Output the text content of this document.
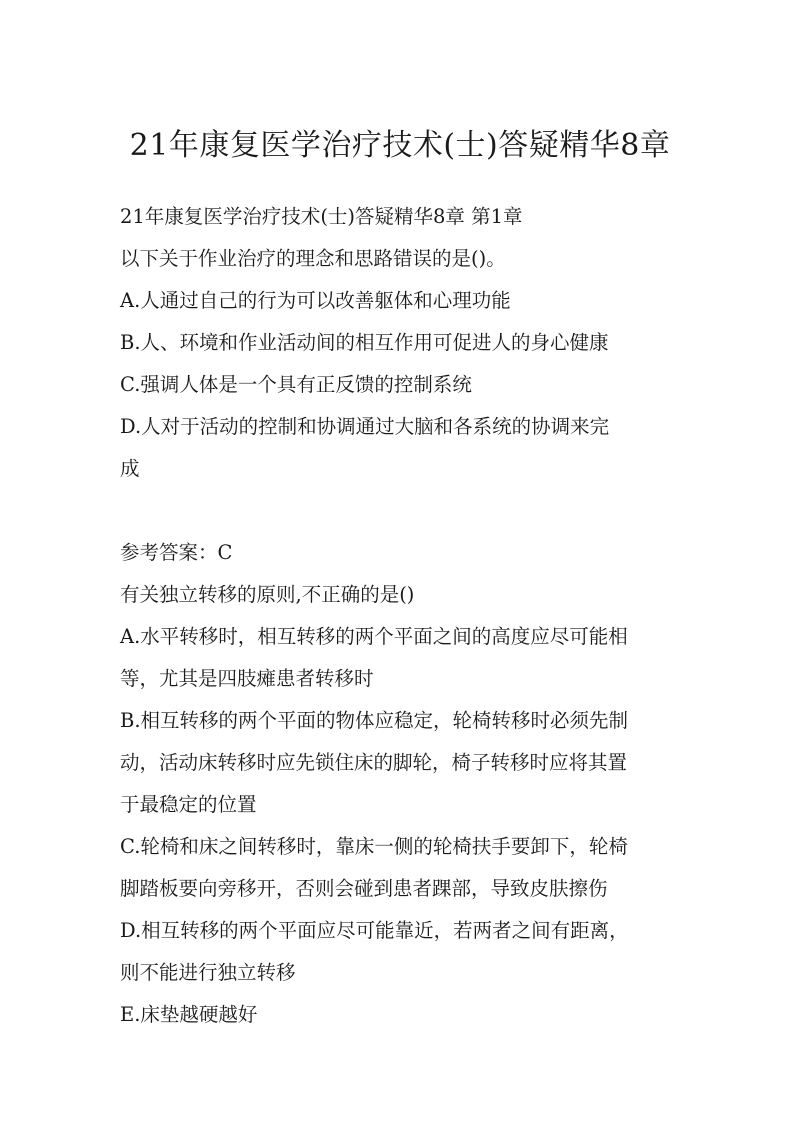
21年康复医学治疗技术(士)答疑精华8章
21年康复医学治疗技术(士)答疑精华8章 第1章
以下关于作业治疗的理念和思路错误的是()。
A.人通过自己的行为可以改善躯体和心理功能
B.人、环境和作业活动间的相互作用可促进人的身心健康
C.强调人体是一个具有正反馈的控制系统
D.人对于活动的控制和协调通过大脑和各系统的协调来完
成
参考答案：C
有关独立转移的原则,不正确的是()
A.水平转移时，相互转移的两个平面之间的高度应尽可能相
等，尤其是四肢瘫患者转移时
B.相互转移的两个平面的物体应稳定，轮椅转移时必须先制
动，活动床转移时应先锁住床的脚轮，椅子转移时应将其置
于最稳定的位置
C.轮椅和床之间转移时，靠床一侧的轮椅扶手要卸下，轮椅
脚踏板要向旁移开，否则会碰到患者踝部，导致皮肤擦伤
D.相互转移的两个平面应尽可能靠近，若两者之间有距离，
则不能进行独立转移
E.床垫越硬越好
